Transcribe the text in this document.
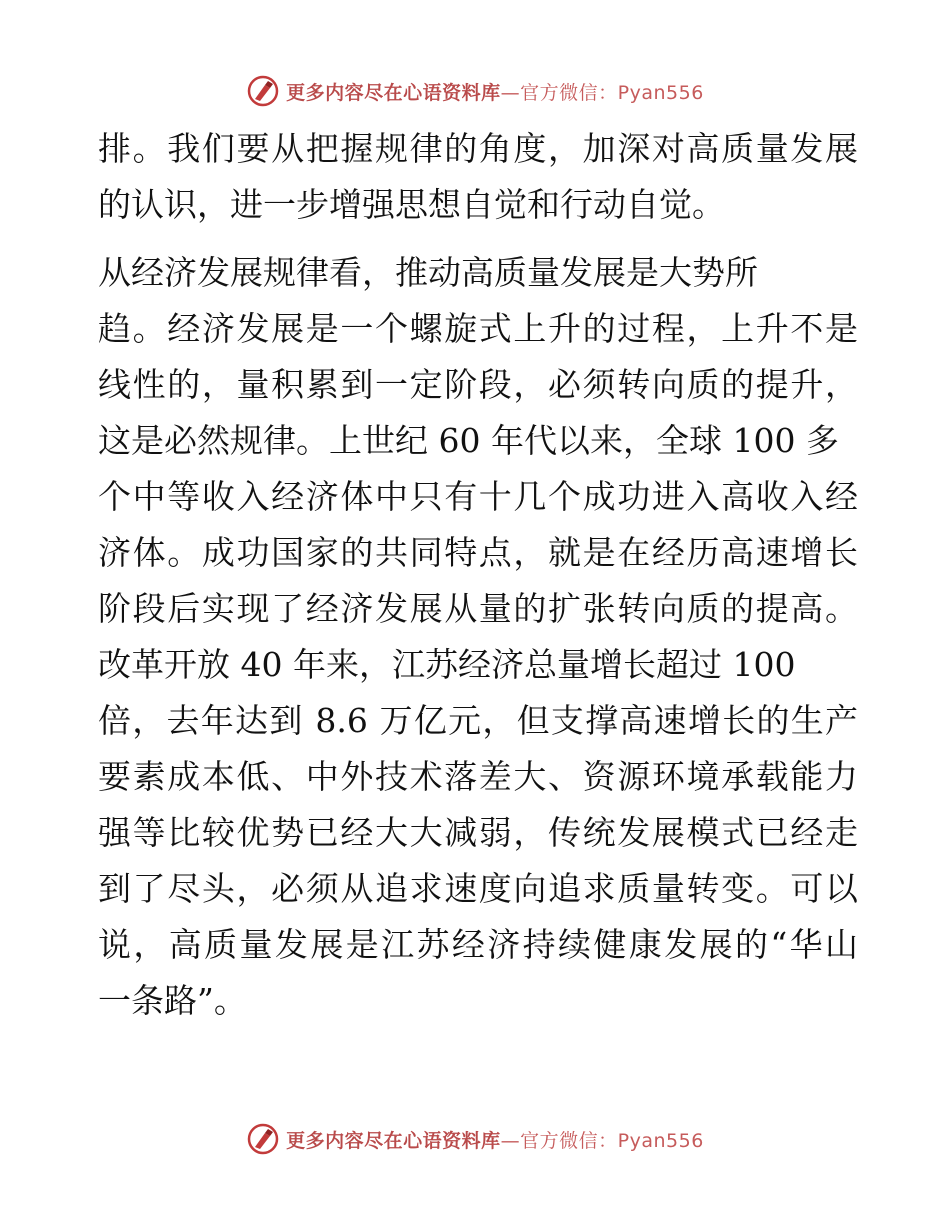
更多内容尽在心语资料库—官方微信：Pyan556

排。我们要从把握规律的角度，加深对高质量发展
的认识，进一步增强思想自觉和行动自觉。

从经济发展规律看，推动高质量发展是大势所
趋。经济发展是一个螺旋式上升的过程，上升不是
线性的，量积累到一定阶段，必须转向质的提升，
这是必然规律。上世纪 60 年代以来，全球 100 多
个中等收入经济体中只有十几个成功进入高收入经
济体。成功国家的共同特点，就是在经历高速增长
阶段后实现了经济发展从量的扩张转向质的提高。
改革开放 40 年来，江苏经济总量增长超过 100
倍，去年达到 8.6 万亿元，但支撑高速增长的生产
要素成本低、中外技术落差大、资源环境承载能力
强等比较优势已经大大减弱，传统发展模式已经走
到了尽头，必须从追求速度向追求质量转变。可以
说，高质量发展是江苏经济持续健康发展的“华山
一条路”。

更多内容尽在心语资料库—官方微信：Pyan556
